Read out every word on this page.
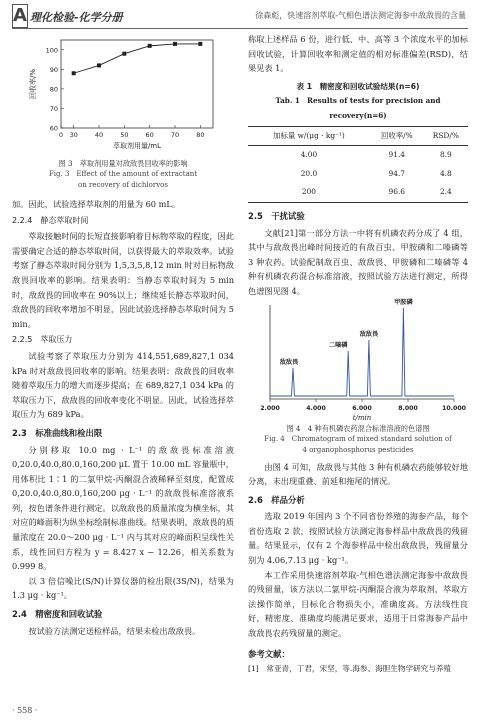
A 理化检验-化学分册	徐森彪，快速溶剂萃取-气相色谱法测定海参中敌敌畏的含量
60
70
80
90
100
0 30	40	50	60	70	80
萃取剂用量/mL
回收率/%
图 3　萃取剂用量对敌敌畏回收率的影响
Fig. 3　Effect of the amount of extractant
on recovery of dichlorvos

加。因此，试验选择萃取剂的用量为 60 mL。

2.2.4　静态萃取时间

萃取接触时间的长短直接影响着目标物萃取的程度，因此需要确定合适的静态萃取时间，以获得最大的萃取效率。试验考察了静态萃取时间分别为 1,5,3,5,8,12 min 时对目标物敌敌畏回收率的影响。结果表明：当静态萃取时间为 5 min 时，敌敌畏的回收率在 90%以上；继续延长静态萃取时间，敌敌畏的回收率增加不明显，因此试验选择静态萃取时间为 5 min。

2.2.5　萃取压力

试验考察了萃取压力分别为 414,551,689,827,1 034 kPa 时对敌敌畏回收率的影响。结果表明：敌敌畏的回收率随着萃取压力的增大而逐步提高；在 689,827,1 034 kPa 的萃取压力下，敌敌畏的回收率变化不明显。因此，试验选择萃取压力为 689 kPa。

2.3　标准曲线和检出限

分别移取 10.0 mg · L⁻¹ 的敌敌畏标准溶液 0,20.0,40.0,80.0,160,200 μL 置于 10.00 mL 容量瓶中，用体积比 1∶1 的二氯甲烷-丙酮混合液稀释至刻度，配置成 0,20.0,40.0,80.0,160,200 μg · L⁻¹ 的敌敌畏标准溶液系列，按色谱条件进行测定。以敌敌畏的质量浓度为横坐标，其对应的峰面积为纵坐标绘制标准曲线。结果表明，敌敌畏的质量浓度在 20.0～200 μg · L⁻¹ 内与其对应的峰面积呈线性关系，线性回归方程为 y = 8.427 x − 12.26，相关系数为 0.999 8。

以 3 倍信噪比(S/N)计算仪器的检出限(3S/N)，结果为 1.3 μg · kg⁻¹。

2.4　精密度和回收试验

按试验方法测定送检样品，结果未检出敌敌畏。

称取上述样品 6 份，进行低、中、高等 3 个浓度水平的加标回收试验，计算回收率和测定值的相对标准偏差(RSD)，结果见表 1。

表 1　精密度和回收试验结果(n=6)
Tab. 1　Results of tests for precision and recovery(n=6)
加标量 w/(μg · kg⁻¹)	回收率/%	RSD/%
4.00	91.4	8.9
20.0	94.7	4.8
200	96.6	2.4
2.5　干扰试验

文献[21]第一部分方法一中将有机磷农药分成了 4 组，其中与敌敌畏出峰时间接近的有敌百虫、甲胺磷和二嗪磷等 3 种农药。试验配制敌百虫、敌敌畏、甲胺磷和二嗪磷等 4 种有机磷农药混合标准溶液，按照试验方法进行测定，所得色谱图见图 4。

2.000	4.000	6.000	8.000	10.000
t/min
敌敌畏
二嗪磷
敌敌畏
甲胺磷
图 4　4 种有机磷农药混合标准溶液的色谱图
Fig. 4　Chromatogram of mixed standard solution of
4 organophosphorus pesticides

由图 4 可知，敌敌畏与其他 3 种有机磷农药能够较好地分离，未出现重叠、前延和拖尾的情况。

2.6　样品分析

选取 2019 年国内 3 个不同省份养殖的海参产品，每个省份选取 2 款，按照试验方法测定海参样品中敌敌畏的残留量。结果显示，仅有 2 个海参样品中检出敌敌畏，残留量分别为 4.06,7.13 μg · kg⁻¹。

本工作采用快速溶剂萃取-气相色谱法测定海参中敌敌畏的残留量，该方法以二氯甲烷-丙酮混合液为萃取剂，萃取方法操作简单，目标化合物损失小，准确度高。方法线性良好，精密度、准确度均能满足要求，适用于日常海参产品中敌敌畏农药残留量的测定。

参考文献：

[1]　常亚青，丁君，宋坚，等.海参、海胆生物学研究与养殖

· 558 ·
